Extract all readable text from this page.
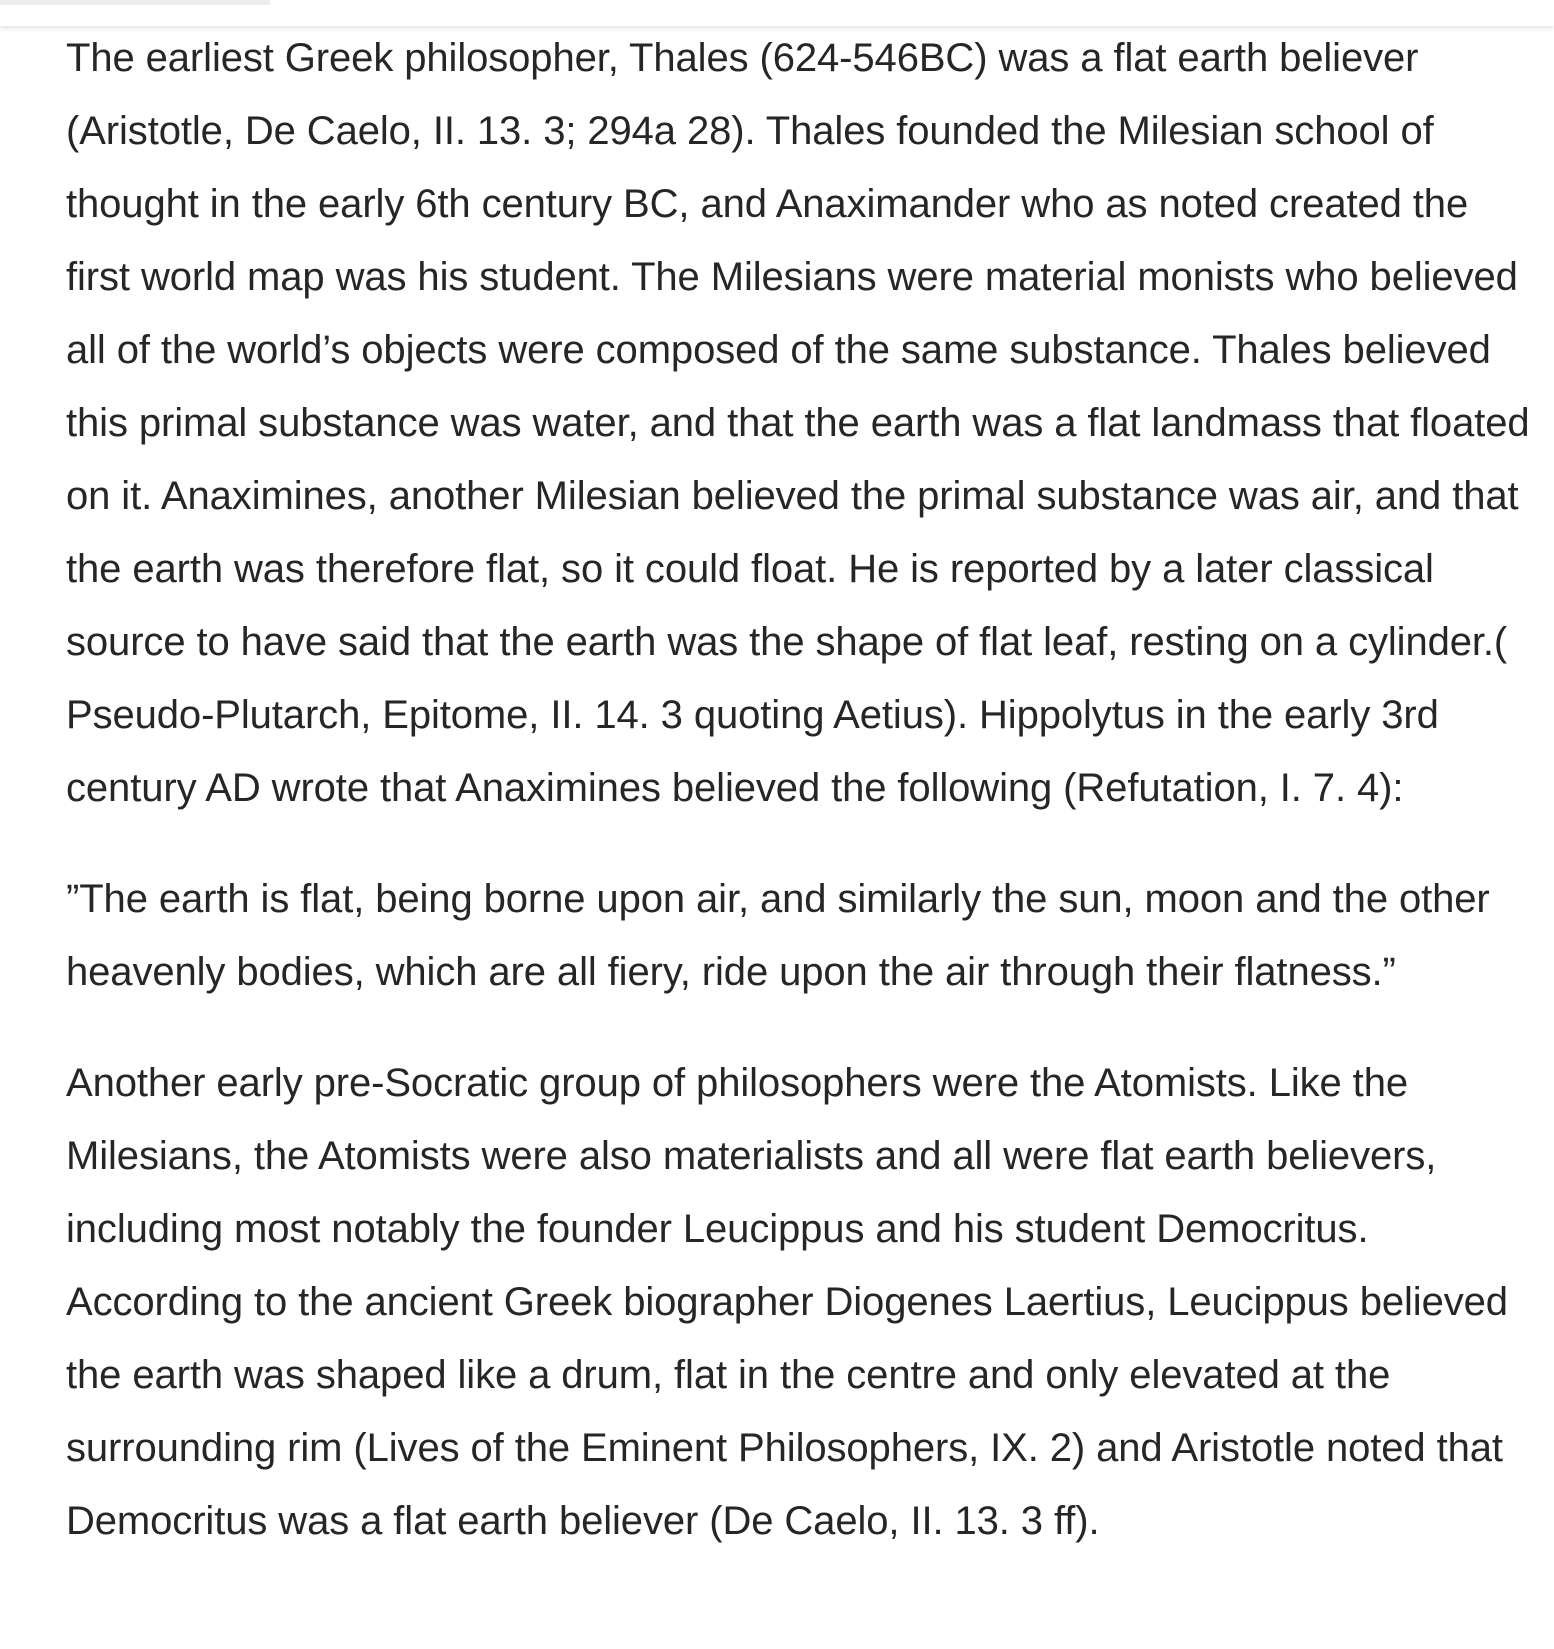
The earliest Greek philosopher, Thales (624-546BC) was a flat earth believer (Aristotle, De Caelo, II. 13. 3; 294a 28). Thales founded the Milesian school of thought in the early 6th century BC, and Anaximander who as noted created the first world map was his student. The Milesians were material monists who believed all of the world’s objects were composed of the same substance. Thales believed this primal substance was water, and that the earth was a flat landmass that floated on it. Anaximines, another Milesian believed the primal substance was air, and that the earth was therefore flat, so it could float. He is reported by a later classical source to have said that the earth was the shape of flat leaf, resting on a cylinder.( Pseudo-Plutarch, Epitome, II. 14. 3 quoting Aetius). Hippolytus in the early 3rd century AD wrote that Anaximines believed the following (Refutation, I. 7. 4):

”The earth is flat, being borne upon air, and similarly the sun, moon and the other heavenly bodies, which are all fiery, ride upon the air through their flatness.”

Another early pre-Socratic group of philosophers were the Atomists. Like the Milesians, the Atomists were also materialists and all were flat earth believers, including most notably the founder Leucippus and his student Democritus. According to the ancient Greek biographer Diogenes Laertius, Leucippus believed the earth was shaped like a drum, flat in the centre and only elevated at the surrounding rim (Lives of the Eminent Philosophers, IX. 2) and Aristotle noted that Democritus was a flat earth believer (De Caelo, II. 13. 3 ff).
